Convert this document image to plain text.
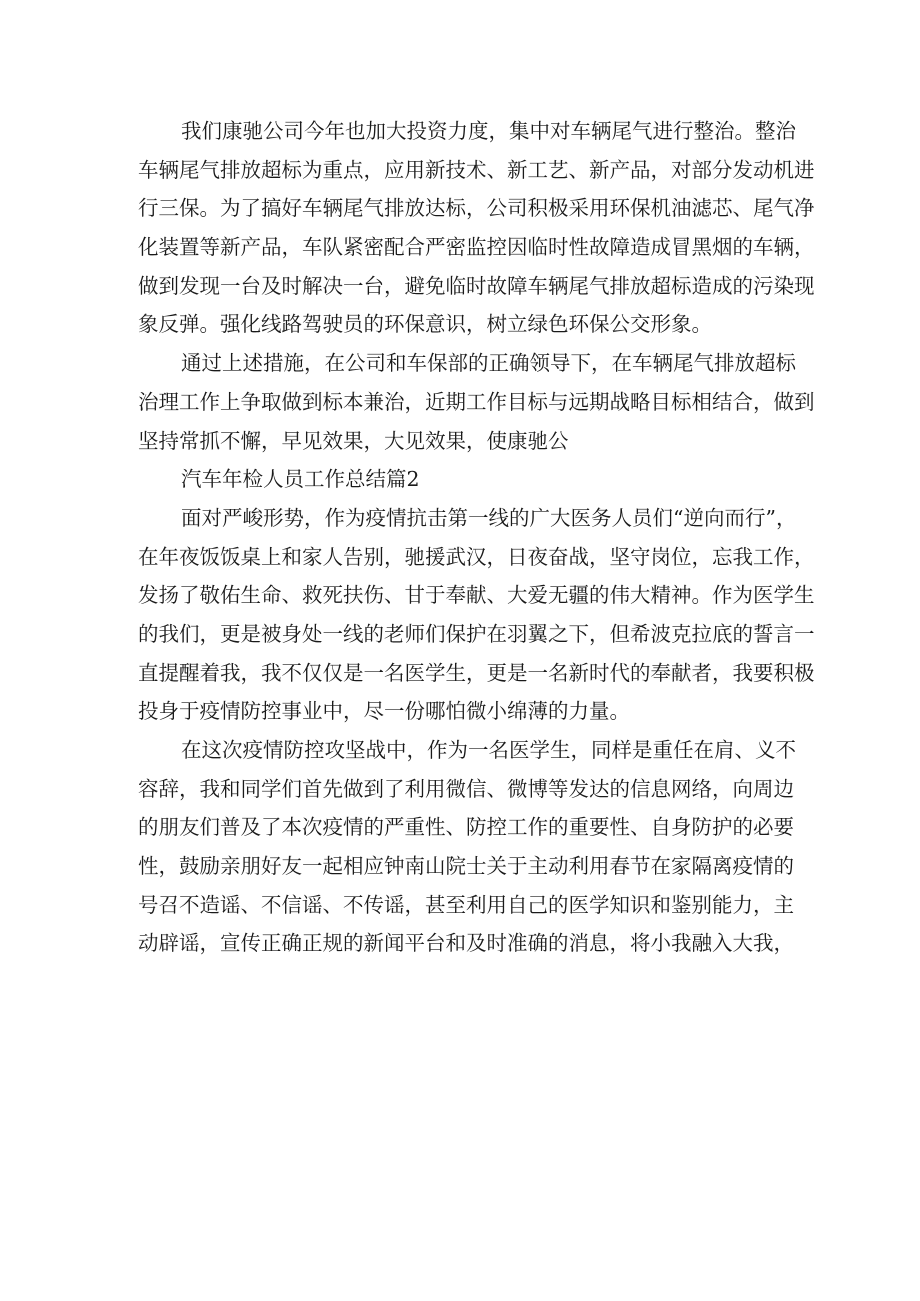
我们康驰公司今年也加大投资力度，集中对车辆尾气进行整治。整治
车辆尾气排放超标为重点，应用新技术、新工艺、新产品，对部分发动机进
行三保。为了搞好车辆尾气排放达标，公司积极采用环保机油滤芯、尾气净
化装置等新产品，车队紧密配合严密监控因临时性故障造成冒黑烟的车辆，
做到发现一台及时解决一台，避免临时故障车辆尾气排放超标造成的污染现
象反弹。强化线路驾驶员的环保意识，树立绿色环保公交形象。
通过上述措施，在公司和车保部的正确领导下，在车辆尾气排放超标
治理工作上争取做到标本兼治，近期工作目标与远期战略目标相结合，做到
坚持常抓不懈，早见效果，大见效果，使康驰公
汽车年检人员工作总结篇2
面对严峻形势，作为疫情抗击第一线的广大医务人员们“逆向而行”，
在年夜饭饭桌上和家人告别，驰援武汉，日夜奋战，坚守岗位，忘我工作，
发扬了敬佑生命、救死扶伤、甘于奉献、大爱无疆的伟大精神。作为医学生
的我们，更是被身处一线的老师们保护在羽翼之下，但希波克拉底的誓言一
直提醒着我，我不仅仅是一名医学生，更是一名新时代的奉献者，我要积极
投身于疫情防控事业中，尽一份哪怕微小绵薄的力量。
在这次疫情防控攻坚战中，作为一名医学生，同样是重任在肩、义不
容辞，我和同学们首先做到了利用微信、微博等发达的信息网络，向周边
的朋友们普及了本次疫情的严重性、防控工作的重要性、自身防护的必要
性，鼓励亲朋好友一起相应钟南山院士关于主动利用春节在家隔离疫情的
号召不造谣、不信谣、不传谣，甚至利用自己的医学知识和鉴别能力，主
动辟谣，宣传正确正规的新闻平台和及时准确的消息，将小我融入大我，
